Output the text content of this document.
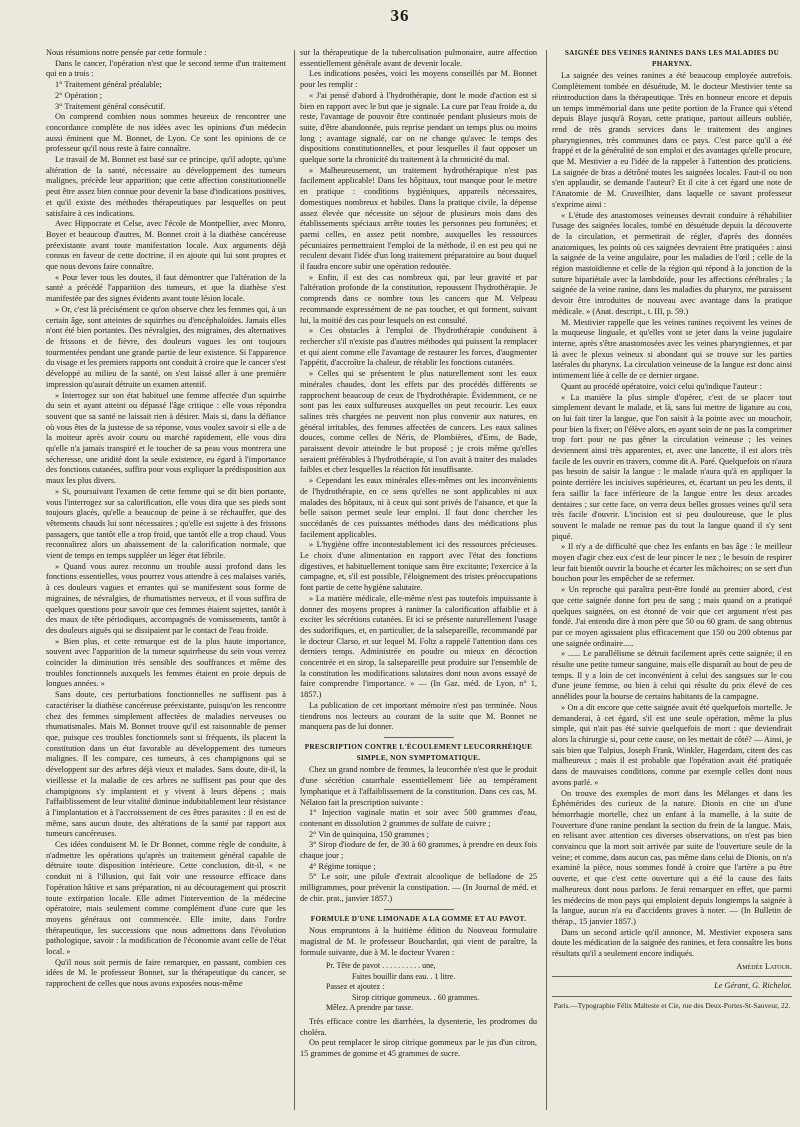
36

Nous résumions notre pensée par cette formule :

Dans le cancer, l'opération n'est que le second terme d'un traitement qui en a trois :

1° Traitement général préalable;

2° Opération ;

3° Traitement général consécutif.

On comprend combien nous sommes heureux de rencontrer une concordance complète de nos idées avec les opinions d'un médecin aussi éminent que M. Bonnet, de Lyon. Ce sont les opinions de ce professeur qu'il nous reste à faire connaître.

Le travail de M. Bonnet est basé sur ce principe, qu'il adopte, qu'une altération de la santé, nécessaire au développement des tumeurs malignes, précède leur apparition; que cette affection constitutionnelle peut être assez bien connue pour devenir la base d'indications positives, et qu'il existe des méthodes thérapeutiques par lesquelles on peut satisfaire à ces indications.

Avec Hippocrate et Celse, avec l'école de Montpellier, avec Monro, Boyer et beaucoup d'autres, M. Bonnet croit à la diathèse cancéreuse préexistante avant toute manifestation locale. Aux arguments déjà connus en faveur de cette doctrine, il en ajoute qui lui sont propres et que nous devons faire connaître.

« Pour lever tous les doutes, il faut démontrer que l'altération de la santé a précédé l'apparition des tumeurs, et que la diathèse s'est manifestée par des signes évidents avant toute lésion locale.

» Or, c'est là précisément ce qu'on observe chez les femmes qui, à un certain âge, sont atteintes de squirrhes ou d'encéphaloïdes. Jamais elles n'ont été bien portantes. Des névralgies, des migraines, des alternatives de frissons et de fièvre, des douleurs vagues les ont toujours tourmentées pendant une grande partie de leur existence. Si l'apparence du visage et les premiers rapports ont conduit à croire que le cancer s'est développé au milieu de la santé, on s'est laissé aller à une première impression qu'aurait détruite un examen attentif.

» Interrogez sur son état habituel une femme affectée d'un squirrhe du sein et ayant atteint ou dépassé l'âge critique : elle vous répondra souvent que sa santé ne laissait rien à désirer. Mais si, dans la défiance où vous êtes de la justesse de sa réponse, vous voulez savoir si elle a de la moiteur après avoir couru ou marché rapidement, elle vous dira qu'elle n'a jamais transpiré et le toucher de sa peau vous montrera une sécheresse, une aridité dont la seule existence, eu égard à l'importance des fonctions cutanées, suffira pour vous expliquer la prédisposition aux maux les plus divers.

» Si, poursuivant l'examen de cette femme qui se dit bien portante, vous l'interrogez sur sa calorification, elle vous dira que ses pieds sont toujours glacés, qu'elle a beaucoup de peine à se réchauffer, que des vêtements chauds lui sont nécessaires ; qu'elle est sujette à des frissons passagers, que tantôt elle a trop froid, que tantôt elle a trop chaud. Vous reconnaîtrez alors un abaissement de la calorification normale, que vient de temps en temps suppléer un léger état fébrile.

» Quand vous aurez reconnu un trouble aussi profond dans les fonctions essentielles, vous pourrez vous attendre à ces malaises variés, à ces douleurs vagues et errantes qui se manifestent sous forme de migraines, de névralgies, de rhumatismes nerveux, et il vous suffira de quelques questions pour savoir que ces femmes étaient sujettes, tantôt à des maux de tête périodiques, accompagnés de vomissements, tantôt à des douleurs aiguës qui se dissipaient par le contact de l'eau froide.

» Bien plus, et cette remarque est de la plus haute importance, souvent avec l'apparition de la tumeur squirrheuse du sein vous verrez coïncider la diminution très sensible des souffrances et même des troubles fonctionnels auxquels les femmes étaient en proie depuis de longues années. »

Sans doute, ces perturbations fonctionnelles ne suffisent pas à caractériser la diathèse cancéreuse préexistante, puisqu'on les rencontre chez des femmes simplement affectées de maladies nerveuses ou rhumatismales. Mais M. Bonnet trouve qu'il est raisonnable de penser que, puisque ces troubles fonctionnels sont si fréquents, ils placent la constitution dans un état favorable au développement des tumeurs malignes. Il les compare, ces tumeurs, à ces champignons qui se développent sur des arbres déjà vieux et malades. Sans doute, dit-il, la vieillesse et la maladie de ces arbres ne suffisent pas pour que des champignons s'y implantent et y vivent à leurs dépens ; mais l'affaiblissement de leur vitalité diminue indubitablement leur résistance à l'implantation et à l'accroissement de ces êtres parasites : il en est de même, sans aucun doute, des altérations de la santé par rapport aux tumeurs cancéreuses.

Ces idées conduisent M. le Dr Bonnet, comme règle de conduite, à n'admettre les opérations qu'après un traitement général capable de détruire toute disposition intérieure. Cette conclusion, dit-il, « ne conduit ni à l'illusion, qui fait voir une ressource efficace dans l'opération hâtive et sans préparation, ni au découragement qui proscrit toute extirpation locale. Elle admet l'intervention de la médecine opératoire, mais seulement comme complément d'une cure que les moyens généraux ont commencée. Elle imite, dans l'ordre thérapeutique, les successions que nous admettons dans l'évolution pathologique, savoir : la modification de l'économie avant celle de l'état local. »

Qu'il nous soit permis de faire remarquer, en passant, combien ces idées de M. le professeur Bonnet, sur la thérapeutique du cancer, se rapprochent de celles que nous avons exposées nous-même

sur la thérapeutique de la tuberculisation pulmonaire, autre affection essentiellement générale avant de devenir locale.

Les indications posées, voici les moyens conseillés par M. Bonnet pour les remplir :

« J'ai pensé d'abord à l'hydrothérapie, dont le mode d'action est si bien en rapport avec le but que je signale. La cure par l'eau froide a, du reste, l'avantage de pouvoir être continuée pendant plusieurs mois de suite, d'être abandonnée, puis reprise pendant un temps plus ou moins long ; avantage signalé, car on ne change qu'avec le temps des dispositions constitutionnelles, et pour lesquelles il faut opposer un quelque sorte la chronicité du traitement à la chronicité du mal.

» Malheureusement, un traitement hydrothérapique n'est pas facilement applicable! Dans les hôpitaux, tout manque pour le mettre en pratique : conditions hygiéniques, appareils nécessaires, domestiques nombreux et habiles. Dans la pratique civile, la dépense assez élevée que nécessite un séjour de plusieurs mois dans des établissements spéciaux arrête toutes les personnes peu fortunées; et parmi celles, en assez petit nombre, auxquelles les ressources pécuniaires permettraient l'emploi de la méthode, il en est peu qui ne reculent devant l'idée d'un long traitement préparatoire au bout duquel il faudra encore subir une opération redoutée.

» Enfin, il est des cas nombreux qui, par leur gravité et par l'altération profonde de la constitution, repoussent l'hydrothérapie. Je comprends dans ce nombre tous les cancers que M. Velpeau recommande expressément de ne pas toucher, et qui forment, suivant lui, la moitié des cas pour lesquels on est consulté.

» Ces obstacles à l'emploi de l'hydrothérapie conduisent à rechercher s'il n'existe pas d'autres méthodes qui puissent la remplacer et qui aient comme elle l'avantage de restaurer les forces, d'augmenter l'appétit, d'accroître la chaleur, de rétablir les fonctions cutanées.

» Celles qui se présentent le plus naturellement sont les eaux minérales chaudes, dont les effets par des procédés différents se rapprochent beaucoup de ceux de l'hydrothérapie. Évidemment, ce ne sont pas les eaux sulfureuses auxquelles on peut recourir. Les eaux salines très chargées ne peuvent non plus convenir aux natures, en général irritables, des femmes affectées de cancers. Les eaux salines douces, comme celles de Néris, de Plombières, d'Ems, de Bade, paraissent devoir atteindre le but proposé ; je crois même qu'elles seraient préférables à l'hydrothérapie, si l'on avait à traiter des malades faibles et chez lesquelles la réaction fût insuffisante.

» Cependant les eaux minérales elles-mêmes ont les inconvénients de l'hydrothérapie, en ce sens qu'elles ne sont applicables ni aux malades des hôpitaux, ni à ceux qui sont privés de l'aisance, et que la belle saison permet seule leur emploi. Il faut donc chercher les succédanés de ces puissantes méthodes dans des médications plus facilement applicables.

» L'hygiène offre incontestablement ici des ressources précieuses. Le choix d'une alimentation en rapport avec l'état des fonctions digestives, et habituellement tonique sans être excitante; l'exercice à la campagne, et, s'il est possible, l'éloignement des tristes préoccupations font partie de cette hygiène salutaire.

» La matière médicale, elle-même n'est pas toutefois impuissante à donner des moyens propres à ranimer la calorification affaiblie et à exciter les sécrétions cutanées. Et ici se présente naturellement l'usage des sudorifiques, et, en particulier, de la salsepareille, recommandé par le docteur Clarso, et sur lequel M. Foltz a rappelé l'attention dans ces derniers temps. Administrée en poudre ou mieux en décoction concentrée et en sirop, la salsepareille peut produire sur l'ensemble de la constitution les modifications salutaires dont nous avons essayé de faire comprendre l'importance. » — (In Gaz. méd. de Lyon, n° 1, 1857.)

La publication de cet important mémoire n'est pas terminée. Nous tiendrons nos lecteurs au courant de la suite que M. Bonnet ne manquera pas de lui donner.

PRESCRIPTION CONTRE L'ÉCOULEMENT LEUCORRHÉIQUE SIMPLE, NON SYMPTOMATIQUE.

Chez un grand nombre de femmes, la leucorrhée n'est que le produit d'une sécrétion catarrhale essentiellement liée au tempérament lymphatique et à l'affaiblissement de la constitution. Dans ces cas, M. Nélaton fait la prescription suivante :

1° Injection vaginale matin et soir avec 500 grammes d'eau, contenant en dissolution 2 grammes de sulfate de cuivre ;

2° Vin de quinquina, 150 grammes ;

3° Sirop d'iodure de fer, de 30 à 60 grammes, à prendre en deux fois chaque jour ;

4° Régime tonique ;

5° Le soir, une pilule d'extrait alcoolique de belladone de 25 milligrammes, pour prévenir la constipation. — (In Journal de méd. et de chir. prat., janvier 1857.)

FORMULE D'UNE LIMONADE A LA GOMME ET AU PAVOT.

Nous empruntons à la huitième édition du Nouveau formulaire magistral de M. le professeur Bouchardat, qui vient de paraître, la formule suivante, due à M. le docteur Yvaren :

Pr. Tête de pavot . . . . . . . . . . une,
Faites bouillir dans eau. . 1 litre.
Passez et ajoutez :
Sirop citrique gommeux. . 60 grammes.
Mêlez. A prendre par tasse.

Très efficace contre les diarrhées, la dysenterie, les prodromes du choléra.

On peut remplacer le sirop citrique gommeux par le jus d'un citron, 15 grammes de gomme et 45 grammes de sucre.

SAIGNÉE DES VEINES RANINES DANS LES MALADIES DU PHARYNX.

La saignée des veines ranines a été beaucoup employée autrefois. Complètement tombée en désuétude, M. le docteur Mestivier tente sa réintroduction dans la thérapeutique. Très en honneur encore et depuis un temps immémorial dans une petite portion de la France qui s'étend depuis Blaye jusqu'à Royan, cette pratique, partout ailleurs oubliée, rend de très grands services dans le traitement des angines pharyngiennes, très communes dans ce pays. C'est parce qu'il a été frappé et de la généralité de son emploi et des avantages qu'elle procure, que M. Mestivier a eu l'idée de la rappeler à l'attention des praticiens. La saignée de bras a détrôné toutes les saignées locales. Faut-il ou non s'en applaudir, se demande l'auteur? Et il cite à cet égard une note de l'Anatomie de M. Cruveilhier, dans laquelle ce savant professeur s'exprime ainsi :

« L'étude des anastomoses veineuses devrait conduire à réhabiliter l'usage des saignées locales, tombé en désuétude depuis la découverte de la circulation, et permettrait de régler, d'après des données anatomiques, les points où ces saignées devraient être pratiquées : ainsi la saignée de la veine angulaire, pour les maladies de l'œil ; celle de la région mastoïdienne et celle de la région qui répond à la jonction de la suture bipariétale avec la lambdoïde, pour les affections cérébrales ; la saignée de la veine ranine, dans les maladies du pharynx, me paraissent devoir être introduites de nouveau avec avantage dans la pratique médicale. » (Anat. descript., t. III, p. 59.)

M. Mestivier rappelle que les veines ranines reçoivent les veines de la muqueuse linguale, et qu'elles vont se jeter dans la veine jugulaire interne, après s'être anastomosées avec les veines pharyngiennes, et par là avec le plexus veineux si abondant qui se trouve sur les parties latérales du pharynx. La circulation veineuse de la langue est donc ainsi intimement liée à celle de ce dernier organe.

Quant au procédé opératoire, voici celui qu'indique l'auteur :

« La manière la plus simple d'opérer, c'est de se placer tout simplement devant le malade, et là, sans lui mettre de ligature au cou, on lui fait tirer la langue, que l'on saisit à la pointe avec un mouchoir, pour bien la fixer; on l'élève alors, en ayant soin de ne pas la comprimer trop fort pour ne pas gêner la circulation veineuse ; les veines deviennent ainsi très apparentes, et, avec une lancette, il est alors très facile de les ouvrir en travers, comme dit A. Paré. Quelquefois on n'aura pas besoin de saisir la langue : le malade n'aura qu'à en appliquer la pointe derrière les incisives supérieures, et, écartant un peu les dents, il fera saillir la face inférieure de la langue entre les deux arcades dentaires ; sur cette face, on verra deux belles grosses veines qu'il sera très facile d'ouvrir. L'incision est si peu douloureuse, que le plus souvent le malade ne remue pas du tout la langue quand il s'y sent piqué.

» Il n'y a de difficulté que chez les enfants en bas âge : le meilleur moyen d'agir chez eux c'est de leur pincer le nez ; le besoin de respirer leur fait bientôt ouvrir la bouche et écarter les mâchoires; on se sert d'un bouchon pour les empêcher de se refermer.

» Un reproche qui paraîtra peut-être fondé au premier abord, c'est que cette saignée donne fort peu de sang ; mais quand on a pratiqué quelques saignées, on est étonné de voir que cet argument n'est pas fondé. J'ai entendu dire à mon père que 50 ou 60 gram. de sang obtenus par ce moyen agissaient plus efficacement que 150 ou 200 obtenus par une saignée ordinaire.....

» ...... Le parallélisme se détruit facilement après cette saignée; il en résulte une petite tumeur sanguine, mais elle disparaît au bout de peu de temps. Il y a loin de cet inconvénient à celui des sangsues sur le cou d'une jeune femme, ou bien à celui qui résulte du prix élevé de ces annélides pour la bourse de certains habitants de la campagne.

» On a dit encore que cette saignée avait été quelquefois mortelle. Je demanderai, à cet égard, s'il est une seule opération, même la plus simple, qui n'ait pas été suivie quelquefois de mort : que deviendrait alors la chirurgie si, pour cette cause, on les mettait de côté? — Ainsi, je sais bien que Tulpius, Joseph Frank, Winkler, Hagerdam, citent des cas malheureux ; mais il est probable que l'opération avait été pratiquée dans de mauvaises conditions, comme par exemple celles dont nous avons parlé. »

On trouve des exemples de mort dans les Mélanges et dans les Éphémérides des curieux de la nature. Dionis en cite un d'une hémorrhagie mortelle, chez un enfant à la mamelle, à la suite de l'ouverture d'une ranine pendant la section du frein de la langue. Mais, en relisant avec attention ces diverses observations, on n'est pas bien convaincu que la mort soit arrivée par suite de l'ouverture seule de la veine; et comme, dans aucun cas, pas même dans celui de Dionis, on n'a examiné la pièce, nous sommes fondé à croire que l'artère a pu être ouverte, et que c'est cette ouverture qui a été la cause des faits malheureux dont nous parlons. Je ferai remarquer en effet, que parmi les médecins de mon pays qui emploient depuis longtemps la saignée à la langue, aucun n'a eu d'accidents graves à noter. — (In Bulletin de thérap., 15 janvier 1857.)

Dans un second article qu'il annonce, M. Mestivier exposera sans doute les médication de la saignée des ranines, et fera connaître les bons résultats qu'il a seulement encore indiqués.

Amédée Latour.

Le Gérant, G. Richelot.

Paris.—Typographie Félix Malteste et Cie, rue des Deux-Portes-St-Sauveur, 22.
